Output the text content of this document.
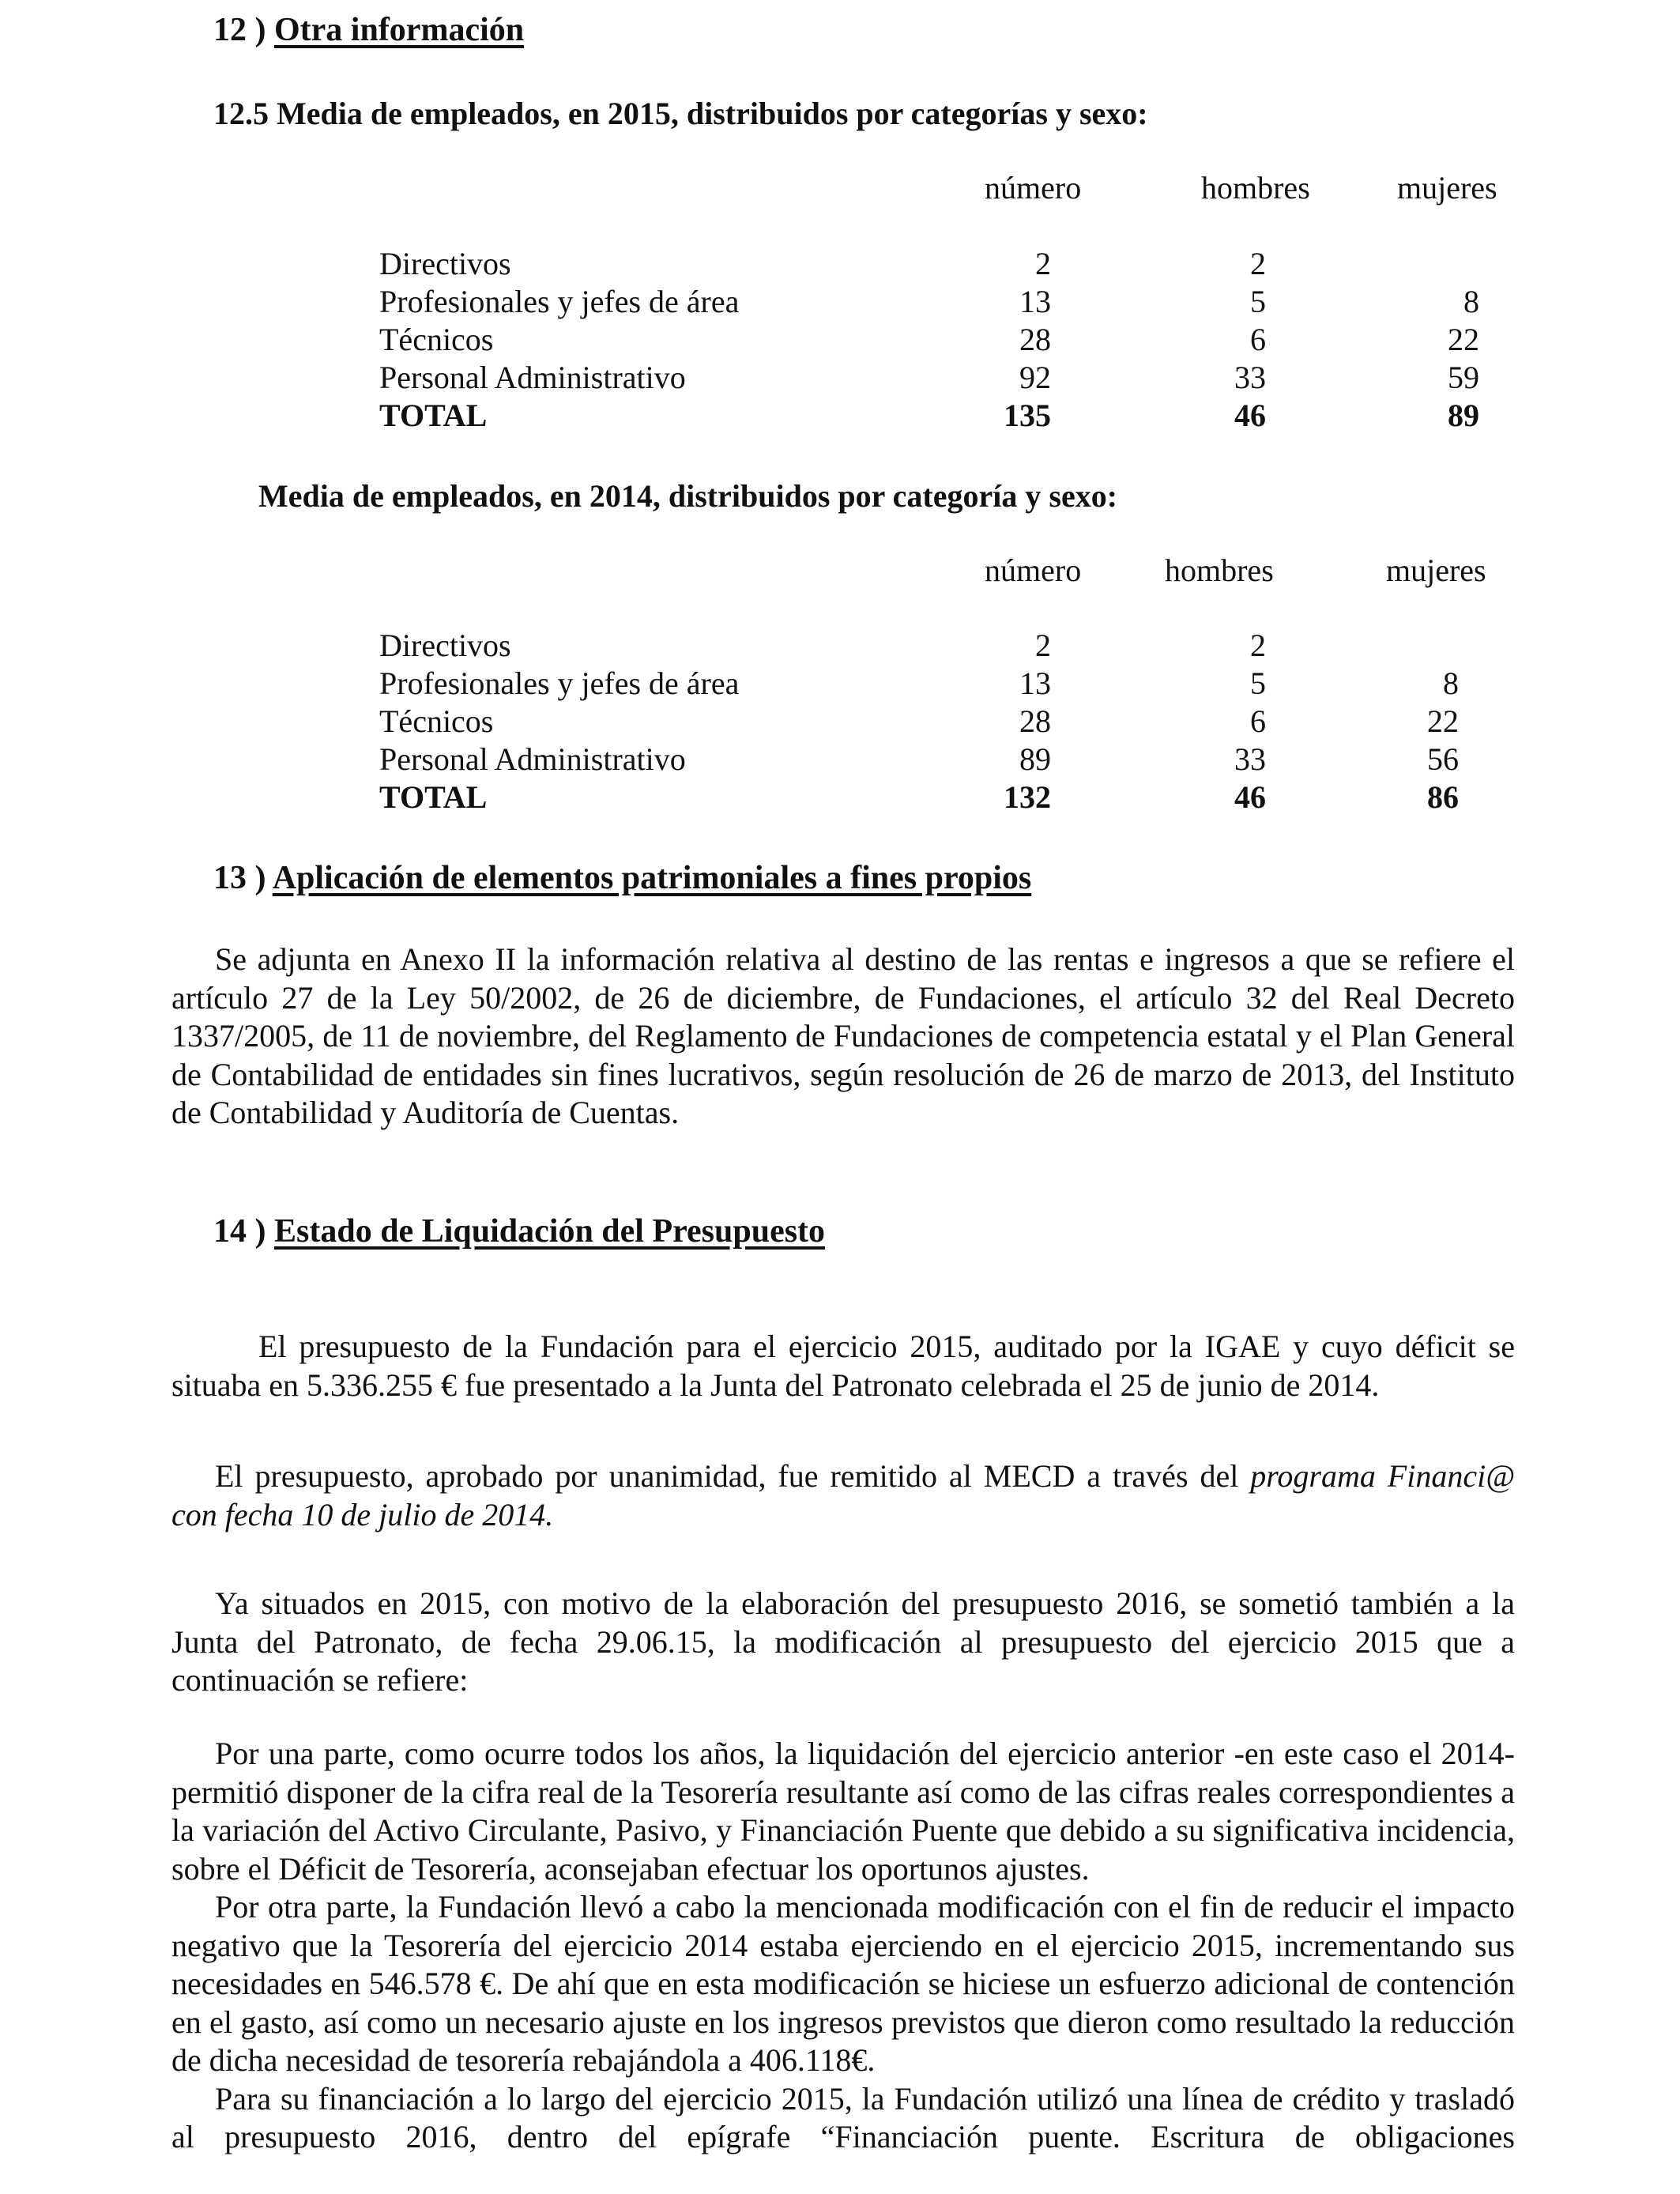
12 ) Otra información
12.5 Media de empleados, en 2015, distribuidos por categorías y sexo:
número	hombres	mujeres
Directivos	2	2
Profesionales y jefes de área	13	5	8
Técnicos	28	6	22
Personal Administrativo	92	33	59
TOTAL	135	46	89
Media de empleados, en 2014, distribuidos por categoría y sexo:
número	hombres	mujeres
Directivos	2	2
Profesionales y jefes de área	13	5	8
Técnicos	28	6	22
Personal Administrativo	89	33	56
TOTAL	132	46	86
13 ) Aplicación de elementos patrimoniales a fines propios

Se adjunta en Anexo II la información relativa al destino de las rentas e ingresos a que se refiere el artículo 27 de la Ley 50/2002, de 26 de diciembre, de Fundaciones, el artículo 32 del Real Decreto 1337/2005, de 11 de noviembre, del Reglamento de Fundaciones de competencia estatal y el Plan General de Contabilidad de entidades sin fines lucrativos, según resolución de 26 de marzo de 2013, del Instituto de Contabilidad y Auditoría de Cuentas.

14 ) Estado de Liquidación del Presupuesto

El presupuesto de la Fundación para el ejercicio 2015, auditado por la IGAE y cuyo déficit se situaba en 5.336.255 € fue presentado a la Junta del Patronato celebrada el 25 de junio de 2014.

El presupuesto, aprobado por unanimidad, fue remitido al MECD a través del programa Financi@ con fecha 10 de julio de 2014.

Ya situados en 2015, con motivo de la elaboración del presupuesto 2016, se sometió también a la Junta del Patronato, de fecha 29.06.15, la modificación al presupuesto del ejercicio 2015 que a continuación se refiere:

Por una parte, como ocurre todos los años, la liquidación del ejercicio anterior -en este caso el 2014- permitió disponer de la cifra real de la Tesorería resultante así como de las cifras reales correspondientes a la variación del Activo Circulante, Pasivo, y Financiación Puente que debido a su significativa incidencia, sobre el Déficit de Tesorería, aconsejaban efectuar los oportunos ajustes.

Por otra parte, la Fundación llevó a cabo la mencionada modificación con el fin de reducir el impacto negativo que la Tesorería del ejercicio 2014 estaba ejerciendo en el ejercicio 2015, incrementando sus necesidades en 546.578 €. De ahí que en esta modificación se hiciese un esfuerzo adicional de contención en el gasto, así como un necesario ajuste en los ingresos previstos que dieron como resultado la reducción de dicha necesidad de tesorería rebajándola a 406.118€.

Para su financiación a lo largo del ejercicio 2015, la Fundación utilizó una línea de crédito y trasladó al presupuesto 2016, dentro del epígrafe “Financiación puente. Escritura de obligaciones
